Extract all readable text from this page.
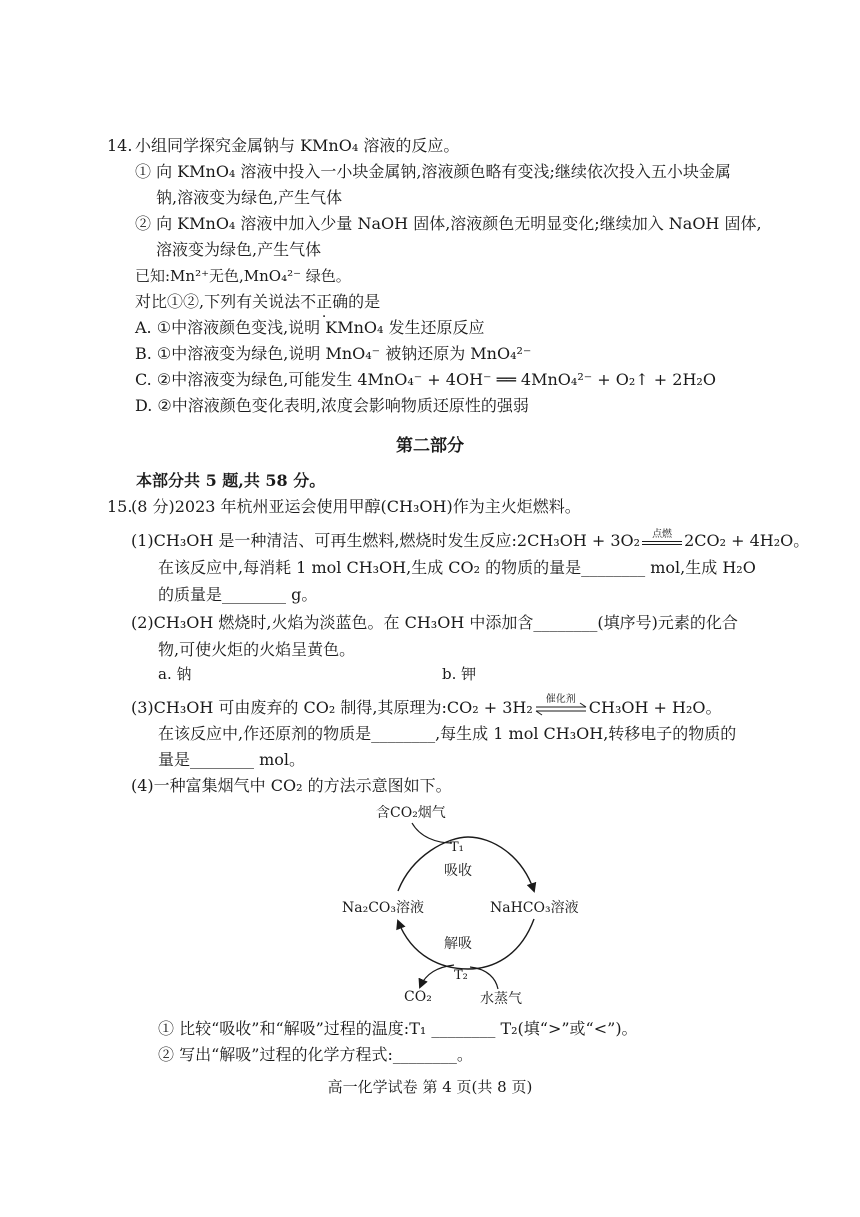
14. 小组同学探究金属钠与 KMnO₄ 溶液的反应。
① 向 KMnO₄ 溶液中投入一小块金属钠,溶液颜色略有变浅;继续依次投入五小块金属
钠,溶液变为绿色,产生气体
② 向 KMnO₄ 溶液中加入少量 NaOH 固体,溶液颜色无明显变化;继续加入 NaOH 固体,
溶液变为绿色,产生气体
已知:Mn²⁺无色,MnO₄²⁻ 绿色。
对比①②,下列有关说法不正确的是
A. ①中溶液颜色变浅,说明 KMnO₄ 发生还原反应
B. ①中溶液变为绿色,说明 MnO₄⁻ 被钠还原为 MnO₄²⁻
C. ②中溶液变为绿色,可能发生 4MnO₄⁻ + 4OH⁻ ══ 4MnO₄²⁻ + O₂↑ + 2H₂O
D. ②中溶液颜色变化表明,浓度会影响物质还原性的强弱
第二部分
本部分共 5 题,共 58 分。
15.
(8 分)2023 年杭州亚运会使用甲醇(CH₃OH)作为主火炬燃料。
(1)CH₃OH 是一种清洁、可再生燃料,燃烧时发生反应:2CH₃OH + 3O₂	点燃 2CO₂ + 4H₂O。
在该反应中,每消耗 1 mol CH₃OH,生成 CO₂ 的物质的量是________ mol,生成 H₂O
的质量是________ g。
(2)CH₃OH 燃烧时,火焰为淡蓝色。在 CH₃OH 中添加含________(填序号)元素的化合
物,可使火炬的火焰呈黄色。
a. 钠	b. 钾
(3)CH₃OH 可由废弃的 CO₂ 制得,其原理为:CO₂ + 3H₂	催化剂 CH₃OH + H₂O。
在该反应中,作还原剂的物质是________,每生成 1 mol CH₃OH,转移电子的物质的
量是________ mol。
(4)一种富集烟气中 CO₂ 的方法示意图如下。
含CO₂烟气
T₁
吸收
Na₂CO₃溶液	NaHCO₃溶液
解吸
T₂
CO₂	水蒸气
① 比较“吸收”和“解吸”过程的温度:T₁ ________ T₂(填“>”或“<”)。
② 写出“解吸”过程的化学方程式:________。
高一化学试卷 第 4 页(共 8 页)
